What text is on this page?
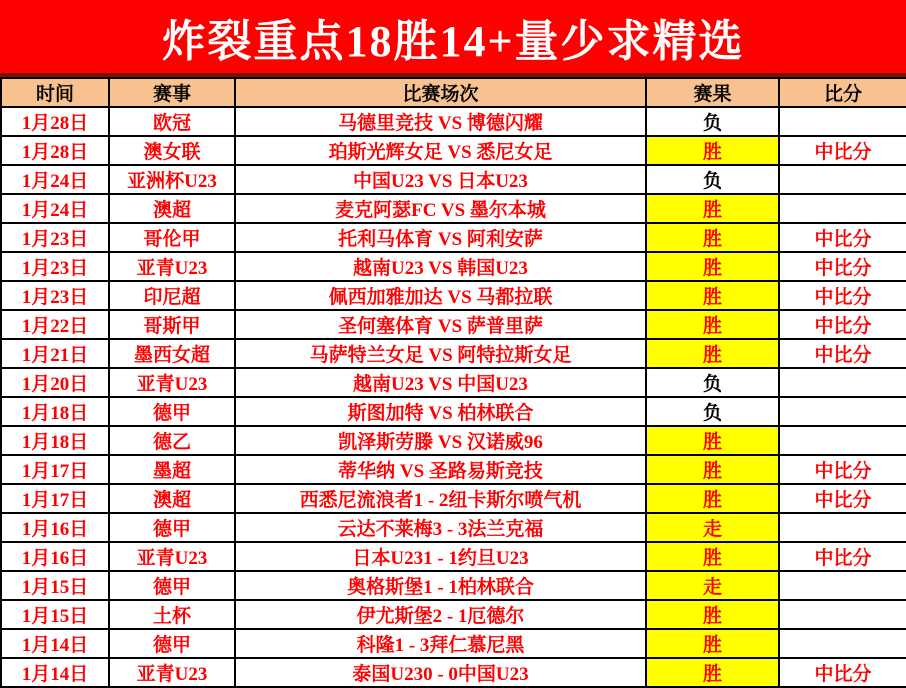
炸裂重点18胜14+量少求精选
时间	赛事	比赛场次	赛果	比分
1月28日	欧冠	马德里竞技 VS 博德闪耀	负	
1月28日	澳女联	珀斯光辉女足 VS 悉尼女足	胜	中比分
1月24日	亚洲杯U23	中国U23 VS 日本U23	负	
1月24日	澳超	麦克阿瑟FC VS 墨尔本城	胜	
1月23日	哥伦甲	托利马体育 VS 阿利安萨	胜	中比分
1月23日	亚青U23	越南U23 VS 韩国U23	胜	中比分
1月23日	印尼超	佩西加雅加达 VS 马都拉联	胜	中比分
1月22日	哥斯甲	圣何塞体育 VS 萨普里萨	胜	中比分
1月21日	墨西女超	马萨特兰女足 VS 阿特拉斯女足	胜	中比分
1月20日	亚青U23	越南U23 VS 中国U23	负	
1月18日	德甲	斯图加特 VS 柏林联合	负	
1月18日	德乙	凯泽斯劳滕 VS 汉诺威96	胜	
1月17日	墨超	蒂华纳 VS 圣路易斯竞技	胜	中比分
1月17日	澳超	西悉尼流浪者1 - 2纽卡斯尔喷气机	胜	中比分
1月16日	德甲	云达不莱梅3 - 3法兰克福	走	
1月16日	亚青U23	日本U231 - 1约旦U23	胜	中比分
1月15日	德甲	奥格斯堡1 - 1柏林联合	走	
1月15日	土杯	伊尤斯堡2 - 1厄德尔	胜	
1月14日	德甲	科隆1 - 3拜仁慕尼黑	胜	
1月14日	亚青U23	泰国U230 - 0中国U23	胜	中比分
